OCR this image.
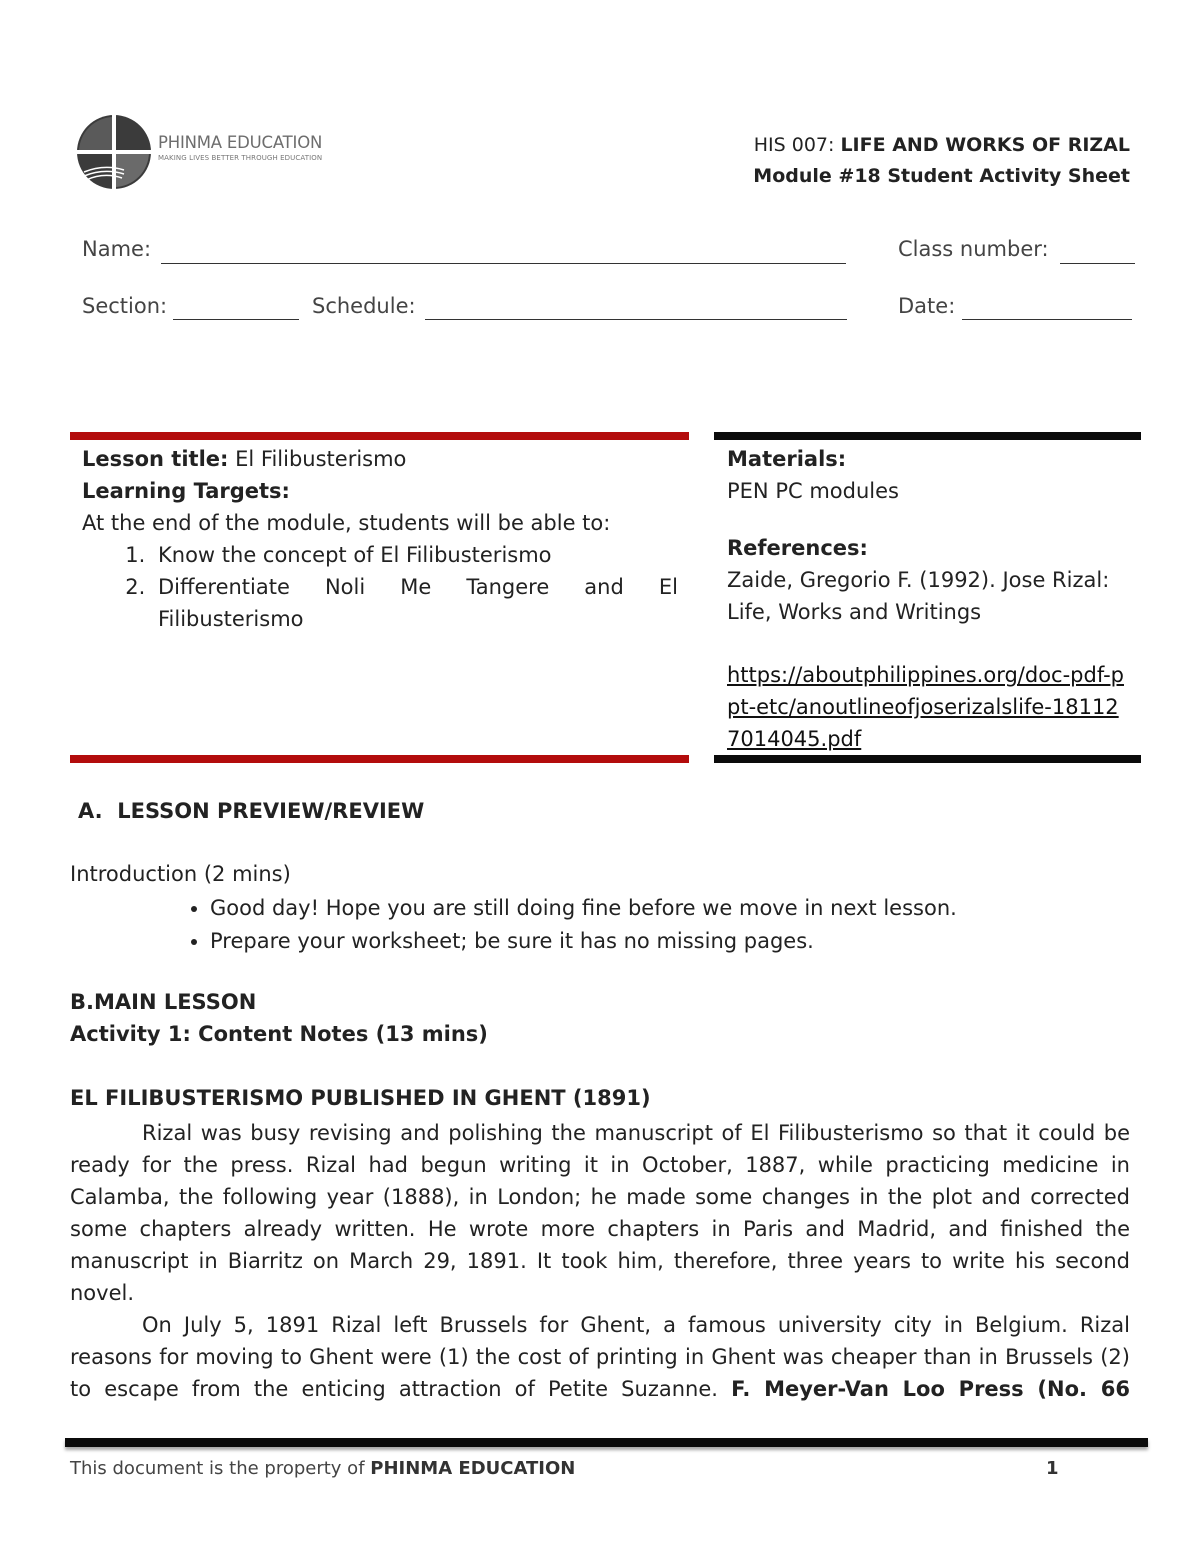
PHINMA EDUCATION
MAKING LIVES BETTER THROUGH EDUCATION
HIS 007: LIFE AND WORKS OF RIZAL
Module #18 Student Activity Sheet
Name:	Class number:
Section:	Schedule:	Date:
Lesson title: El Filibusterismo
Learning Targets:
At the end of the module, students will be able to:
1. Know the concept of El Filibusterismo
2. Differentiate Noli Me Tangere and El Filibusterismo
Materials:
PEN PC modules
References:
Zaide, Gregorio F. (1992). Jose Rizal: Life, Works and Writings
https://aboutphilippines.org/doc-pdf-ppt-etc/anoutlineofjoserizalslife-181127014045.pdf
A. LESSON PREVIEW/REVIEW
Introduction (2 mins)
• Good day! Hope you are still doing fine before we move in next lesson.
• Prepare your worksheet; be sure it has no missing pages.
B.MAIN LESSON
Activity 1: Content Notes (13 mins)
EL FILIBUSTERISMO PUBLISHED IN GHENT (1891)

Rizal was busy revising and polishing the manuscript of El Filibusterismo so that it could be ready for the press. Rizal had begun writing it in October, 1887, while practicing medicine in Calamba, the following year (1888), in London; he made some changes in the plot and corrected some chapters already written. He wrote more chapters in Paris and Madrid, and finished the manuscript in Biarritz on March 29, 1891. It took him, therefore, three years to write his second novel.

On July 5, 1891 Rizal left Brussels for Ghent, a famous university city in Belgium. Rizal reasons for moving to Ghent were (1) the cost of printing in Ghent was cheaper than in Brussels (2) to escape from the enticing attraction of Petite Suzanne. F. Meyer-Van Loo Press (No. 66

This document is the property of PHINMA EDUCATION	1
